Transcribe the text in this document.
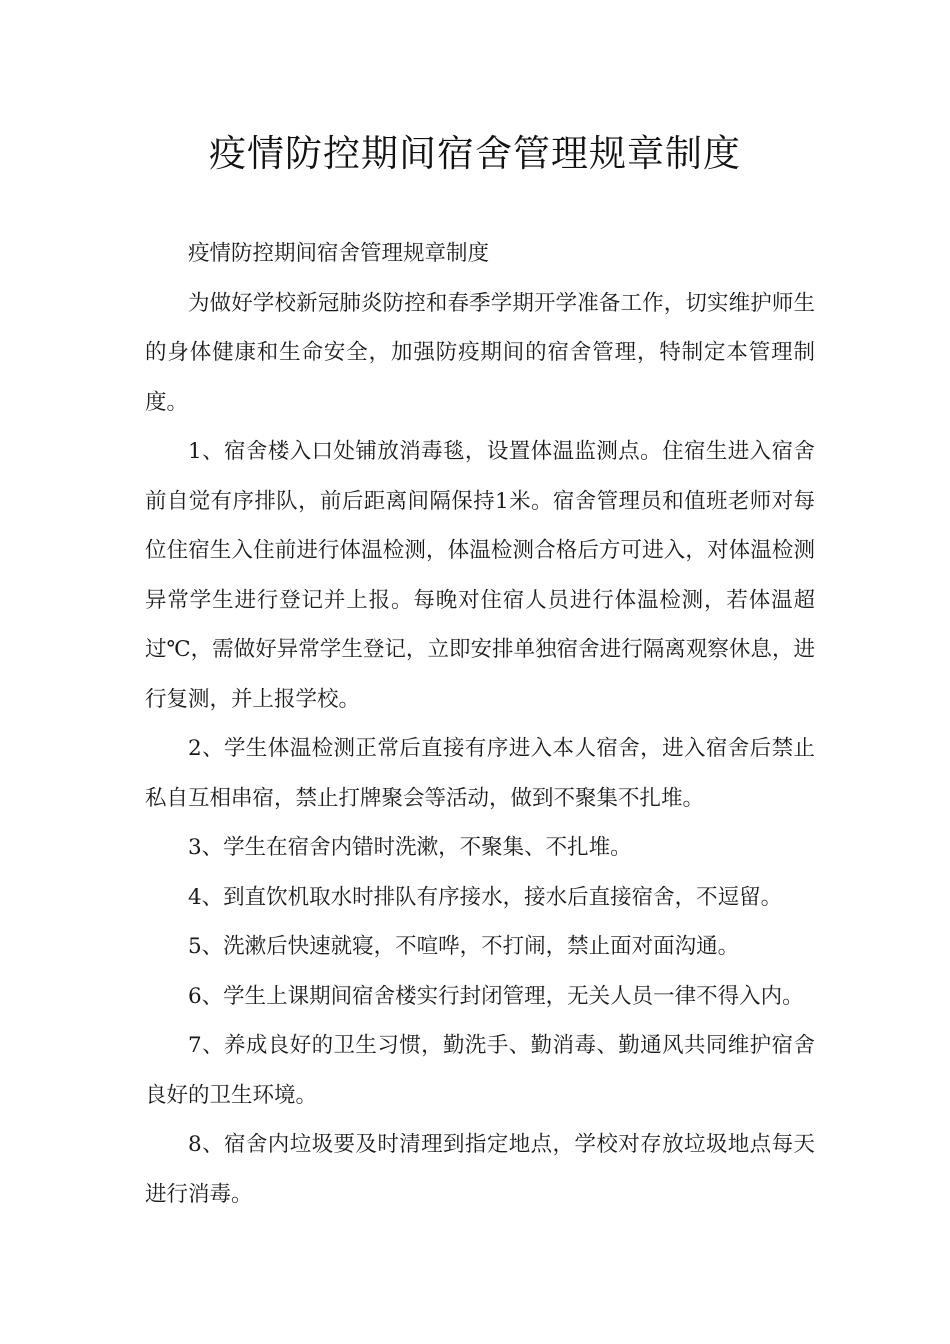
疫情防控期间宿舍管理规章制度

疫情防控期间宿舍管理规章制度

为做好学校新冠肺炎防控和春季学期开学准备工作，切实维护师生的身体健康和生命安全，加强防疫期间的宿舍管理，特制定本管理制度。

1、宿舍楼入口处铺放消毒毯，设置体温监测点。住宿生进入宿舍前自觉有序排队，前后距离间隔保持1米。宿舍管理员和值班老师对每位住宿生入住前进行体温检测，体温检测合格后方可进入，对体温检测异常学生进行登记并上报。每晚对住宿人员进行体温检测，若体温超过℃，需做好异常学生登记，立即安排单独宿舍进行隔离观察休息，进行复测，并上报学校。

2、学生体温检测正常后直接有序进入本人宿舍，进入宿舍后禁止私自互相串宿，禁止打牌聚会等活动，做到不聚集不扎堆。

3、学生在宿舍内错时洗漱，不聚集、不扎堆。

4、到直饮机取水时排队有序接水，接水后直接宿舍，不逗留。

5、洗漱后快速就寝，不喧哗，不打闹，禁止面对面沟通。

6、学生上课期间宿舍楼实行封闭管理，无关人员一律不得入内。

7、养成良好的卫生习惯，勤洗手、勤消毒、勤通风共同维护宿舍良好的卫生环境。

8、宿舍内垃圾要及时清理到指定地点，学校对存放垃圾地点每天进行消毒。
